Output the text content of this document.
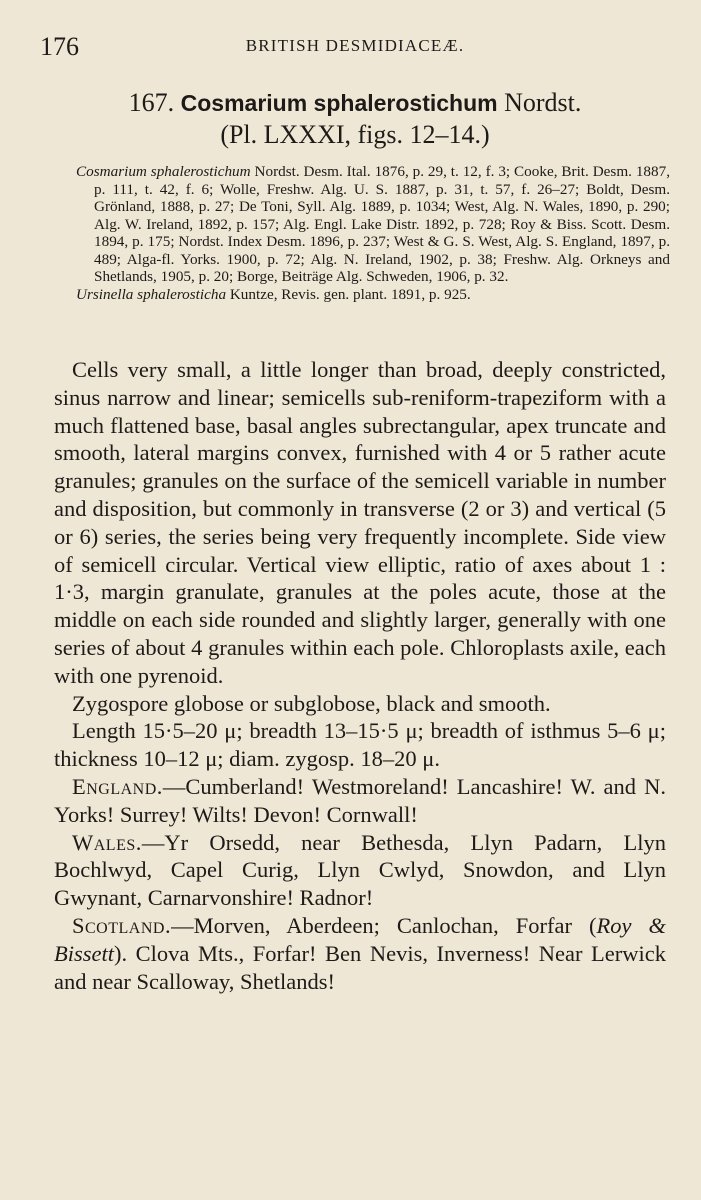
176	BRITISH DESMIDIACEÆ.
167. Cosmarium sphalerostichum Nordst.
(Pl. LXXXI, figs. 12–14.)

Cosmarium sphalerostichum Nordst. Desm. Ital. 1876, p. 29, t. 12, f. 3; Cooke, Brit. Desm. 1887, p. 111, t. 42, f. 6; Wolle, Freshw. Alg. U. S. 1887, p. 31, t. 57, f. 26–27; Boldt, Desm. Grönland, 1888, p. 27; De Toni, Syll. Alg. 1889, p. 1034; West, Alg. N. Wales, 1890, p. 290; Alg. W. Ireland, 1892, p. 157; Alg. Engl. Lake Distr. 1892, p. 728; Roy & Biss. Scott. Desm. 1894, p. 175; Nordst. Index Desm. 1896, p. 237; West & G. S. West, Alg. S. England, 1897, p. 489; Alga-fl. Yorks. 1900, p. 72; Alg. N. Ireland, 1902, p. 38; Freshw. Alg. Orkneys and Shetlands, 1905, p. 20; Borge, Beiträge Alg. Schweden, 1906, p. 32.

Ursinella sphalerosticha Kuntze, Revis. gen. plant. 1891, p. 925.

Cells very small, a little longer than broad, deeply constricted, sinus narrow and linear; semicells sub-reniform-trapeziform with a much flattened base, basal angles subrectangular, apex truncate and smooth, lateral margins convex, furnished with 4 or 5 rather acute granules; granules on the surface of the semicell variable in number and disposition, but commonly in transverse (2 or 3) and vertical (5 or 6) series, the series being very frequently incomplete. Side view of semicell circular. Vertical view elliptic, ratio of axes about 1 : 1·3, margin granulate, granules at the poles acute, those at the middle on each side rounded and slightly larger, generally with one series of about 4 granules within each pole. Chloroplasts axile, each with one pyrenoid.

Zygospore globose or subglobose, black and smooth.

Length 15·5–20 μ; breadth 13–15·5 μ; breadth of isthmus 5–6 μ; thickness 10–12 μ; diam. zygosp. 18–20 μ.

England.—Cumberland! Westmoreland! Lancashire! W. and N. Yorks! Surrey! Wilts! Devon! Cornwall!

Wales.—Yr Orsedd, near Bethesda, Llyn Padarn, Llyn Bochlwyd, Capel Curig, Llyn Cwlyd, Snowdon, and Llyn Gwynant, Carnarvonshire! Radnor!

Scotland.—Morven, Aberdeen; Canlochan, Forfar (Roy & Bissett). Clova Mts., Forfar! Ben Nevis, Inverness! Near Lerwick and near Scalloway, Shetlands!
